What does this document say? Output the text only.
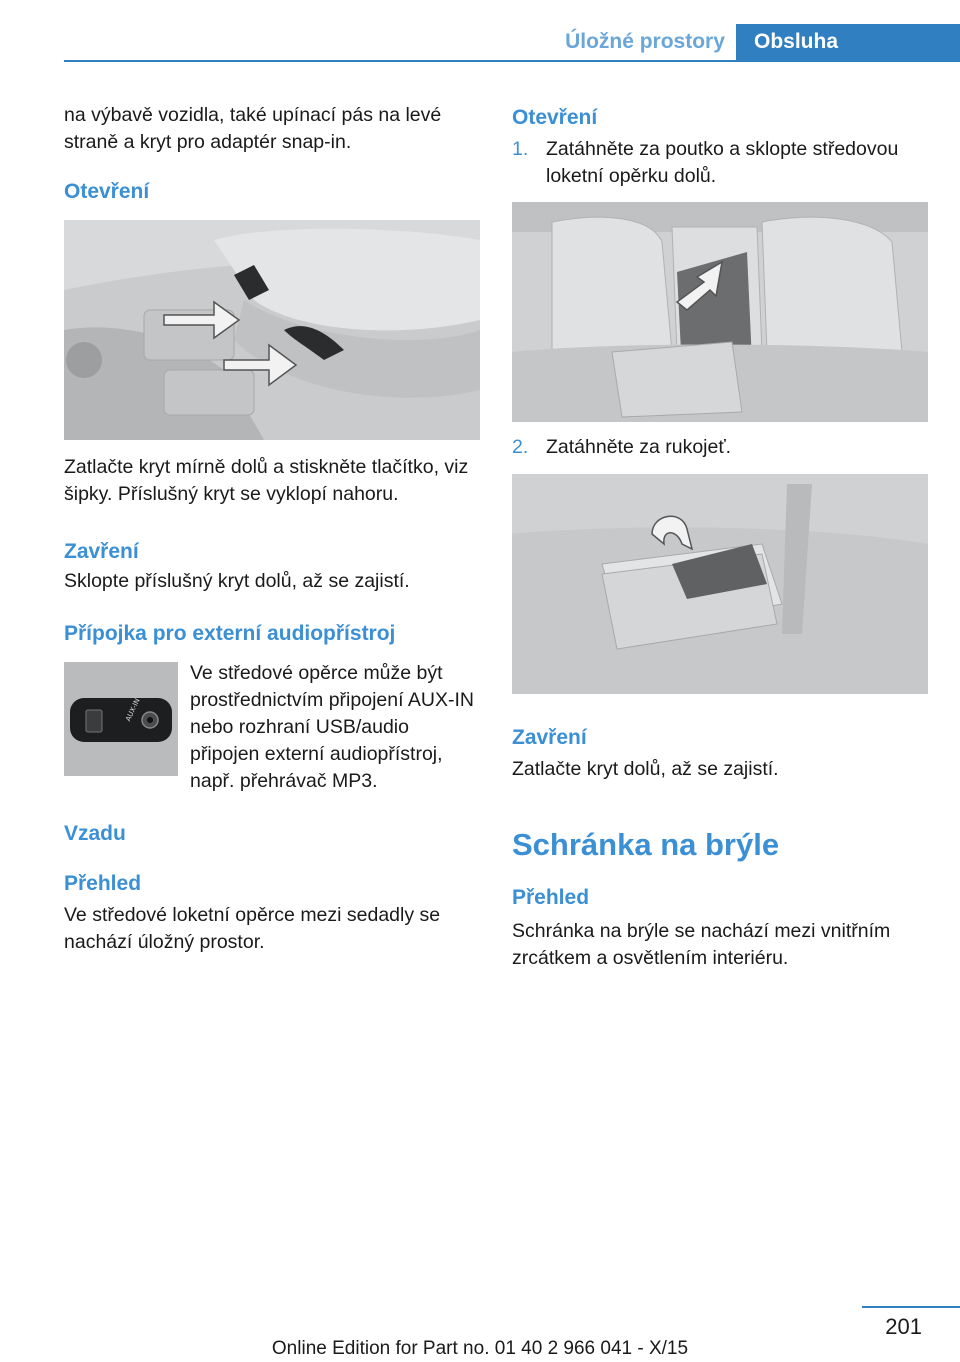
Úložné prostory	Obsluha

na výbavě vozidla, také upínací pás na levé straně a kryt pro adaptér snap-in.

Otevření

Zatlačte kryt mírně dolů a stiskněte tlačítko, viz šipky. Příslušný kryt se vyklopí nahoru.

Zavření

Sklopte příslušný kryt dolů, až se zajistí.

Přípojka pro externí audiopřístroj
AUX-IN

Ve středové opěrce může být prostřednictvím připojení AUX-IN nebo rozhraní USB/audio připojen externí audiopřístroj, např. přehrávač MP3.

Vzadu
Přehled

Ve středové loketní opěrce mezi sedadly se nachází úložný prostor.

Otevření
1. Zatáhněte za poutko a sklopte středovou loketní opěrku dolů.
2. Zatáhněte za rukojeť.
Zavření

Zatlačte kryt dolů, až se zajistí.

Schránka na brýle
Přehled

Schránka na brýle se nachází mezi vnitřním zrcátkem a osvětlením interiéru.

201
Online Edition for Part no. 01 40 2 966 041 - X/15
